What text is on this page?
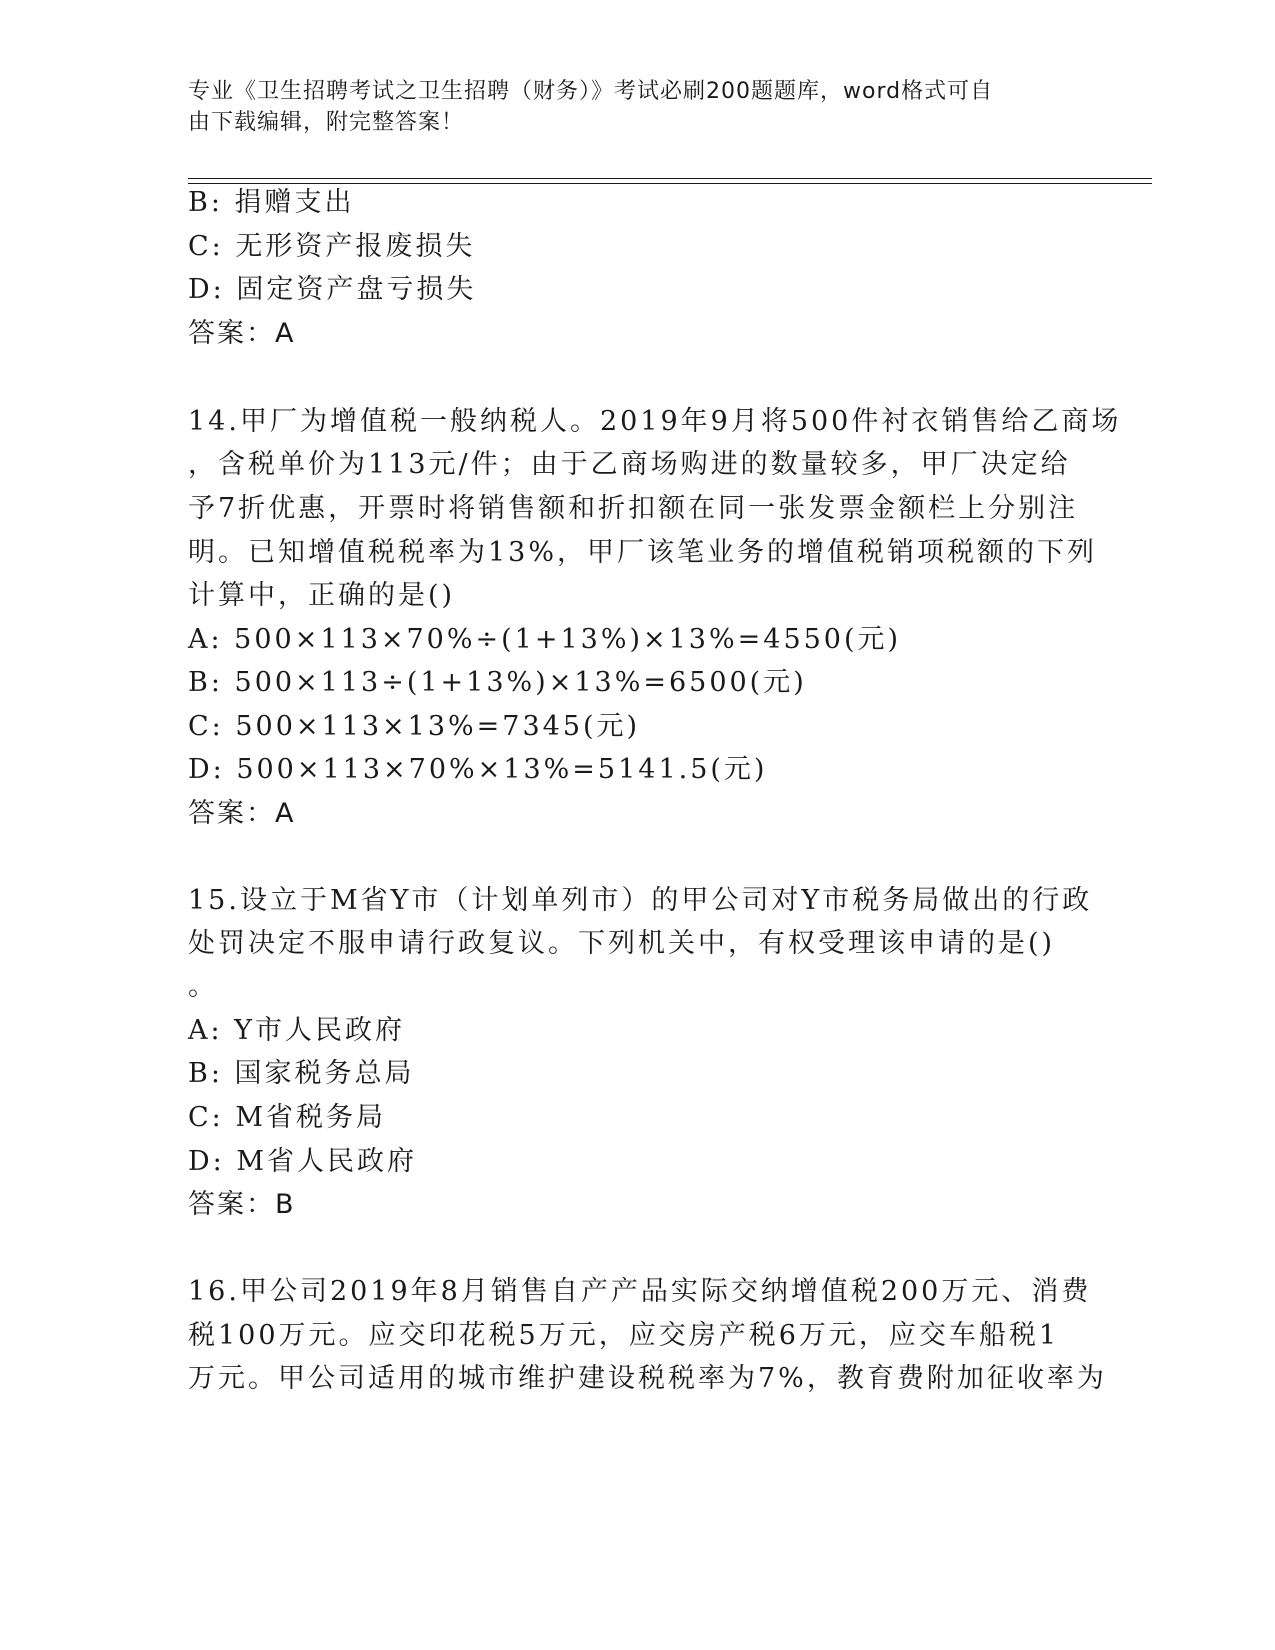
专业《卫生招聘考试之卫生招聘（财务）》考试必刷200题题库，word格式可自
由下载编辑，附完整答案！
B: 捐赠支出
C: 无形资产报废损失
D: 固定资产盘亏损失
答案：A
14.甲厂为增值税一般纳税人。2019年9月将500件衬衣销售给乙商场
，含税单价为113元/件；由于乙商场购进的数量较多，甲厂决定给
予7折优惠，开票时将销售额和折扣额在同一张发票金额栏上分别注
明。已知增值税税率为13%，甲厂该笔业务的增值税销项税额的下列
计算中，正确的是()
A: 500×113×70%÷(1+13%)×13%=4550(元)
B: 500×113÷(1+13%)×13%=6500(元)
C: 500×113×13%=7345(元)
D: 500×113×70%×13%=5141.5(元)
答案：A
15.设立于M省Y市（计划单列市）的甲公司对Y市税务局做出的行政
处罚决定不服申请行政复议。下列机关中，有权受理该申请的是()
。
A: Y市人民政府
B: 国家税务总局
C: M省税务局
D: M省人民政府
答案：B
16.甲公司2019年8月销售自产产品实际交纳增值税200万元、消费
税100万元。应交印花税5万元，应交房产税6万元，应交车船税1
万元。甲公司适用的城市维护建设税税率为7%，教育费附加征收率为
